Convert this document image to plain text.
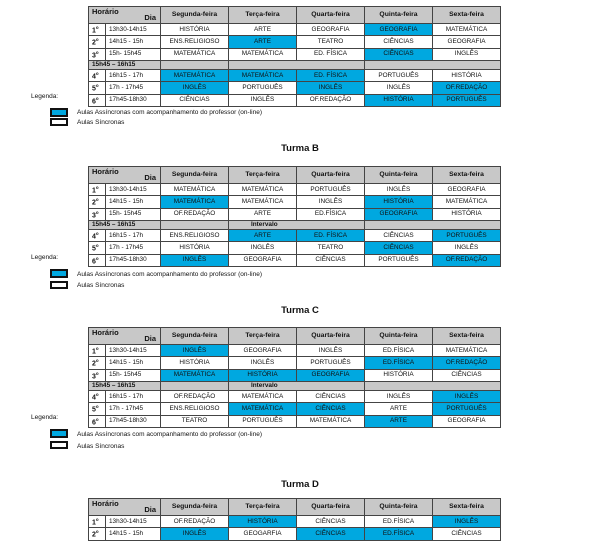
Horário
Dia		Segunda-feira	Terça-feira	Quarta-feira	Quinta-feira	Sexta-feira
1$^o$	13h30-14h15	HISTÓRIA	ARTE	GEOGRAFIA	GEOGRAFIA	MATEMÁTICA
2$^o$	14h15 - 15h	ENS.RELIGIOSO	ARTE	TEATRO	CIÊNCIAS	GEOGRAFIA
3$^o$	15h- 15h45	MATEMÁTICA	MATEMÁTICA	ED. FÍSICA	CIÊNCIAS	INGLÊS
15h45 – 16h15						
4$^o$	16h15 - 17h	MATEMÁTICA	MATEMÁTICA	ED. FÍSICA	PORTUGUÊS	HISTÓRIA
5$^o$	17h - 17h45	INGLÊS	PORTUGUÊS	INGLÊS	INGLÊS	OF.REDAÇÃO
6$^o$	17h45-18h30	CIÊNCIAS	INGLÊS	OF.REDAÇÃO	HISTÓRIA	PORTUGUÊS
Legenda:
Aulas Assíncronas com acompanhamento do professor (on-line)
Aulas Síncronas
Turma B
Horário
Dia		Segunda-feira	Terça-feira	Quarta-feira	Quinta-feira	Sexta-feira
1$^o$	13h30-14h15	MATEMÁTICA	MATEMÁTICA	PORTUGUÊS	INGLÊS	GEOGRAFIA
2$^o$	14h15 - 15h	MATEMÁTICA	MATEMÁTICA	INGLÊS	HISTÓRIA	MATEMÁTICA
3$^o$	15h- 15h45	OF.REDAÇÃO	ARTE	ED.FÍSICA	GEOGRAFIA	HISTÓRIA
15h45 – 16h15			Intervalo			
4$^o$	16h15 - 17h	ENS.RELIGIOSO	ARTE	ED. FÍSICA	CIÊNCIAS	PORTUGUÊS
5$^o$	17h - 17h45	HISTÓRIA	INGLÊS	TEATRO	CIÊNCIAS	INGLÊS
6$^o$	17h45-18h30	INGLÊS	GEOGRAFIA	CIÊNCIAS	PORTUGUÊS	OF.REDAÇÃO
Legenda:
Aulas Assíncronas com acompanhamento do professor (on-line)
Aulas Síncronas
Turma C
Horário
Dia		Segunda-feira	Terça-feira	Quarta-feira	Quinta-feira	Sexta-feira
1$^o$	13h30-14h15	INGLÊS	GEOGRAFIA	INGLÊS	ED.FÍSICA	MATEMÁTICA
2$^o$	14h15 - 15h	HISTÓRIA	INGLÊS	PORTUGUÊS	ED.FÍSICA	OF.REDAÇÃO
3$^o$	15h- 15h45	MATEMÁTICA	HISTÓRIA	GEOGRAFIA	HISTÓRIA	CIÊNCIAS
15h45 – 16h15			Intervalo			
4$^o$	16h15 - 17h	OF.REDAÇÃO	MATEMÁTICA	CIÊNCIAS	INGLÊS	INGLÊS
5$^o$	17h - 17h45	ENS.RELIGIOSO	MATEMÁTICA	CIÊNCIAS	ARTE	PORTUGUÊS
6$^o$	17h45-18h30	TEATRO	PORTUGUÊS	MATEMÁTICA	ARTE	GEOGRAFIA
Legenda:
Aulas Assíncronas com acompanhamento do professor (on-line)
Aulas Síncronas
Turma D
Horário
Dia		Segunda-feira	Terça-feira	Quarta-feira	Quinta-feira	Sexta-feira
1$^o$	13h30-14h15	OF.REDAÇÃO	HISTÓRIA	CIÊNCIAS	ED.FÍSICA	INGLÊS
2$^o$	14h15 - 15h	INGLÊS	GEOGARFIA	CIÊNCIAS	ED.FÍSICA	CIÊNCIAS
